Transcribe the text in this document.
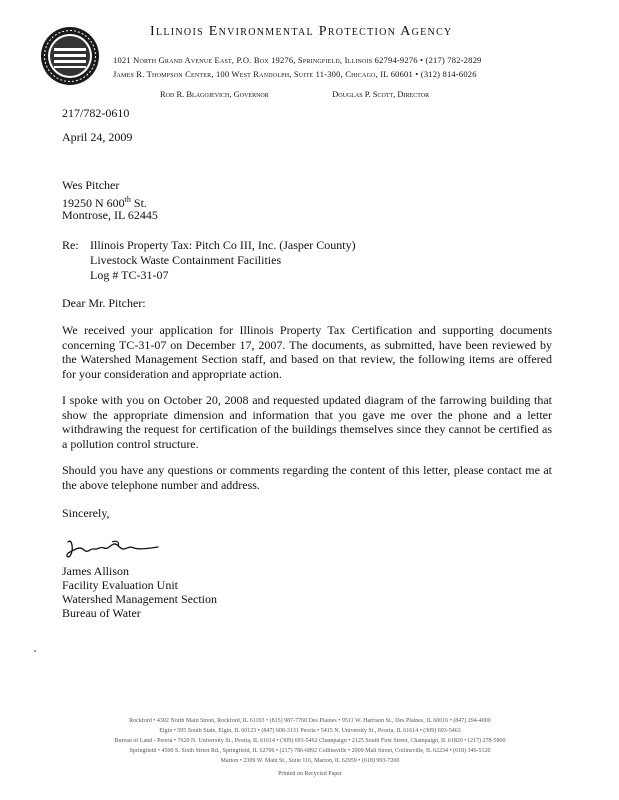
Illinois Environmental Protection Agency
1021 North Grand Avenue East, P.O. Box 19276, Springfield, Illinois 62794-9276 • (217) 782-2829
James R. Thompson Center, 100 West Randolph, Suite 11-300, Chicago, IL 60601 • (312) 814-6026
Rod R. Blagojevich, Governor	Douglas P. Scott, Director
217/782-0610
April 24, 2009
Wes Pitcher
19250 N 600th St.
Montrose, IL 62445
Re: Illinois Property Tax: Pitch Co III, Inc. (Jasper County)
Livestock Waste Containment Facilities
Log # TC-31-07
Dear Mr. Pitcher:
We received your application for Illinois Property Tax Certification and supporting documents concerning TC-31-07 on December 17, 2007. The documents, as submitted, have been reviewed by the Watershed Management Section staff, and based on that review, the following items are offered for your consideration and appropriate action.
I spoke with you on October 20, 2008 and requested updated diagram of the farrowing building that show the appropriate dimension and information that you gave me over the phone and a letter withdrawing the request for certification of the buildings themselves since they cannot be certified as a pollution control structure.
Should you have any questions or comments regarding the content of this letter, please contact me at the above telephone number and address.
Sincerely,
James Allison
Facility Evaluation Unit
Watershed Management Section
Bureau of Water
Rockford • 4302 North Main Street, Rockford, IL 61103 • (815) 987-7760 Des Plaines • 9511 W. Harrison St., Des Plaines, IL 60016 • (847) 294-4000
Elgin • 595 South State, Elgin, IL 60123 • (847) 608-3131 Peoria • 5415 N. University St., Peoria, IL 61614 • (309) 693-5463
Bureau of Land - Peoria • 7620 N. University St., Peoria, IL 61614 • (309) 693-5462 Champaign • 2125 South First Street, Champaign, IL 61820 • (217) 278-5800
Springfield • 4500 S. Sixth Street Rd., Springfield, IL 62706 • (217) 786-6892 Collinsville • 2009 Mall Street, Collinsville, IL 62234 • (618) 346-5120
Marion • 2309 W. Main St., Suite 116, Marion, IL 62959 • (618) 993-7200
Printed on Recycled Paper
